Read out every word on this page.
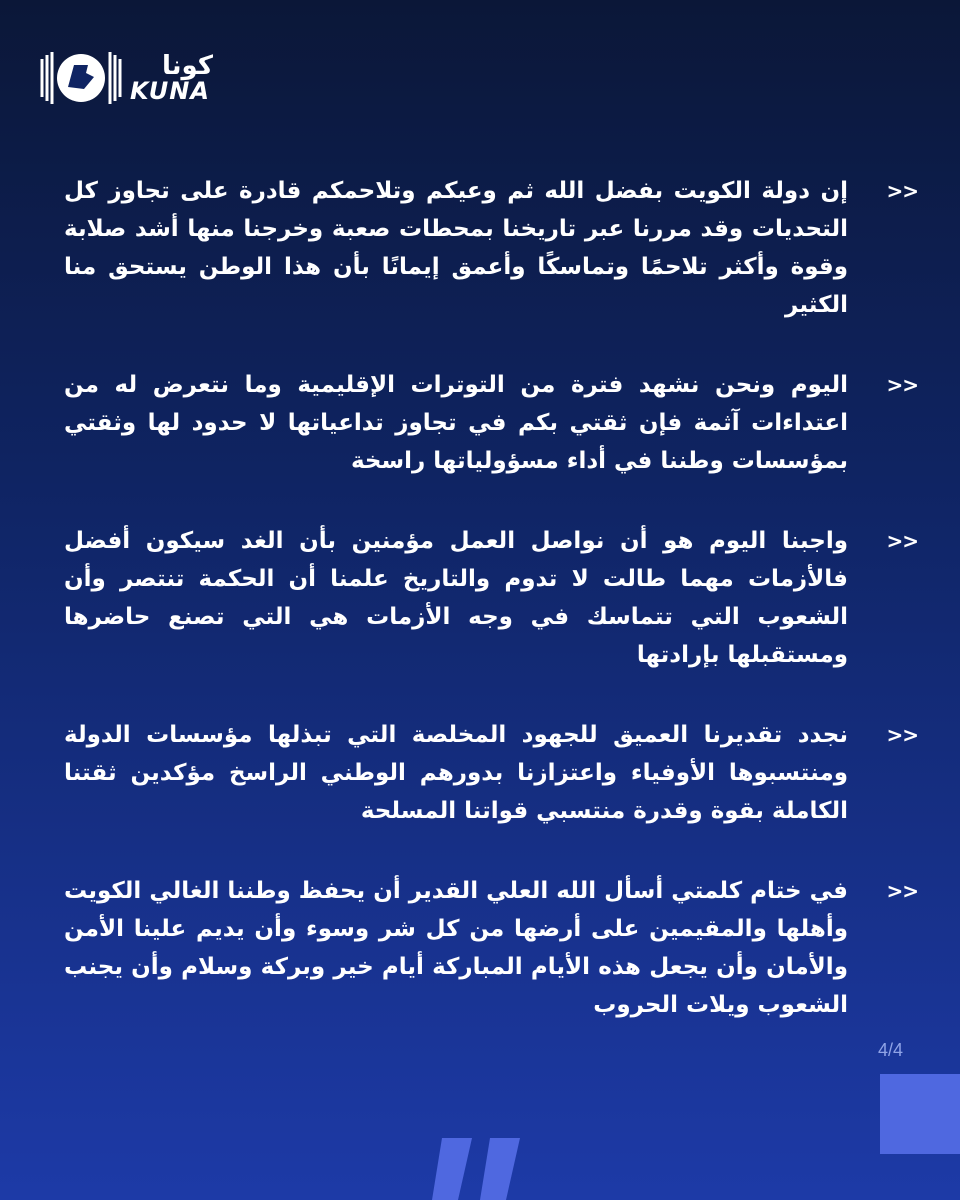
كونا
KUNA
>>
إن دولة الكويت بفضل الله ثم وعيكم وتلاحمكم قادرة على تجاوز كل التحديات وقد مررنا عبر تاريخنا بمحطات صعبة وخرجنا منها أشد صلابة وقوة وأكثر تلاحمًا وتماسكًا وأعمق إيمانًا بأن هذا الوطن يستحق منا الكثير
>>
اليوم ونحن نشهد فترة من التوترات الإقليمية وما نتعرض له من اعتداءات آثمة فإن ثقتي بكم في تجاوز تداعياتها لا حدود لها وثقتي بمؤسسات وطننا في أداء مسؤولياتها راسخة
>>
واجبنا اليوم هو أن نواصل العمل مؤمنين بأن الغد سيكون أفضل فالأزمات مهما طالت لا تدوم والتاريخ علمنا أن الحكمة تنتصر وأن الشعوب التي تتماسك في وجه الأزمات هي التي تصنع حاضرها ومستقبلها بإرادتها
>>
نجدد تقديرنا العميق للجهود المخلصة التي تبذلها مؤسسات الدولة ومنتسبوها الأوفياء واعتزازنا بدورهم الوطني الراسخ مؤكدين ثقتنا الكاملة بقوة وقدرة منتسبي قواتنا المسلحة
>>
في ختام كلمتي أسأل الله العلي القدير أن يحفظ وطننا الغالي الكويت وأهلها والمقيمين على أرضها من كل شر وسوء وأن يديم علينا الأمن والأمان وأن يجعل هذه الأيام المباركة أيام خير وبركة وسلام وأن يجنب الشعوب ويلات الحروب
4/4
